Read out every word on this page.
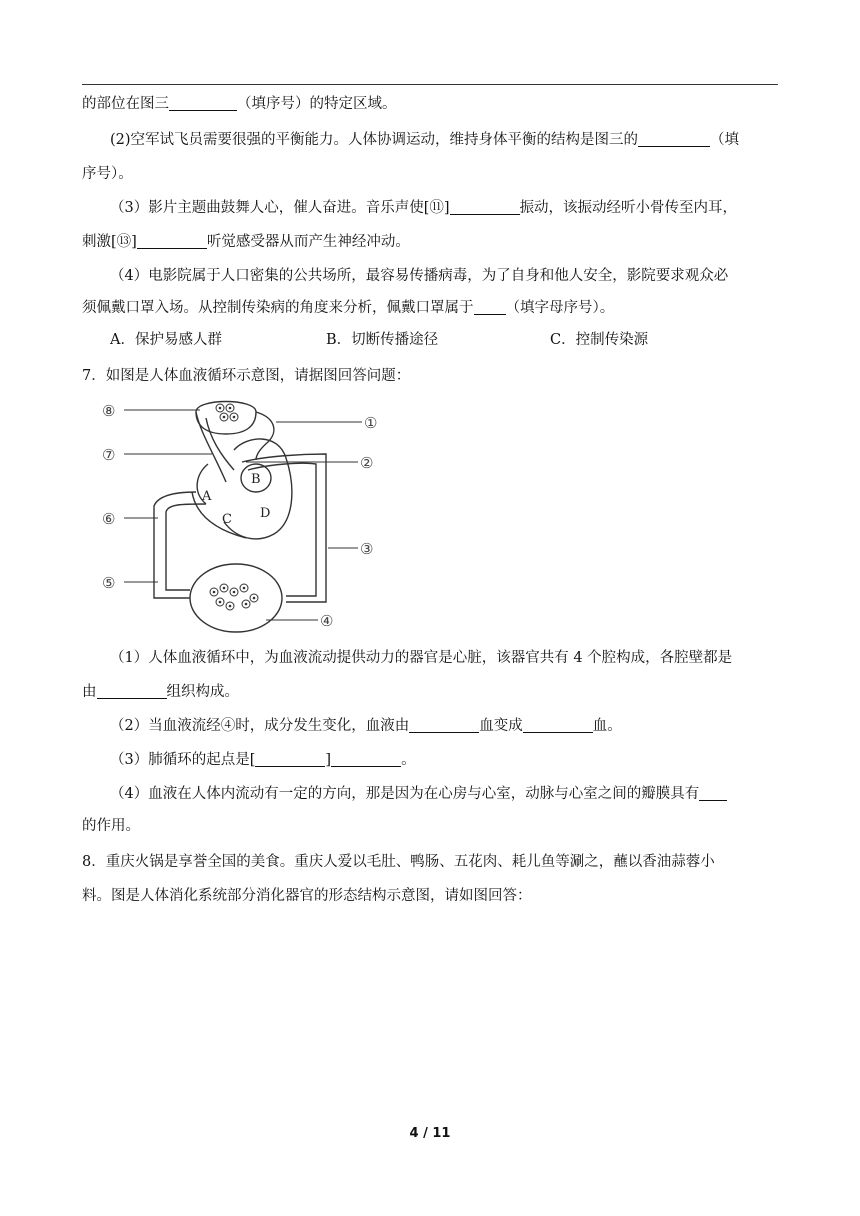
的部位在图三	（填序号）的特定区域。
(2)空军试飞员需要很强的平衡能力。人体协调运动，维持身体平衡的结构是图三的	（填
序号）。
（3）影片主题曲鼓舞人心，催人奋进。音乐声使[⑪]	振动，该振动经听小骨传至内耳，
刺激[⑬]	听觉感受器从而产生神经冲动。
（4）电影院属于人口密集的公共场所，最容易传播病毒，为了自身和他人安全，影院要求观众必
须佩戴口罩入场。从控制传染病的角度来分析，佩戴口罩属于 （填字母序号）。
A．保护易感人群	B．切断传播途径	C．控制传染源
7．如图是人体血液循环示意图，请据图回答问题：
⑧
①
⑦	②
⑥
③
⑤
④
A
B
C D
（1）人体血液循环中，为血液流动提供动力的器官是心脏，该器官共有 4 个腔构成，各腔壁都是
由	组织构成。
（2）当血液流经④时，成分发生变化，血液由	血变成	血。
（3）肺循环的起点是[	]	。
（4）血液在人体内流动有一定的方向，那是因为在心房与心室，动脉与心室之间的瓣膜具有
的作用。
8．重庆火锅是享誉全国的美食。重庆人爱以毛肚、鸭肠、五花肉、耗儿鱼等涮之，蘸以香油蒜蓉小
料。图是人体消化系统部分消化器官的形态结构示意图，请如图回答：
4 / 11
